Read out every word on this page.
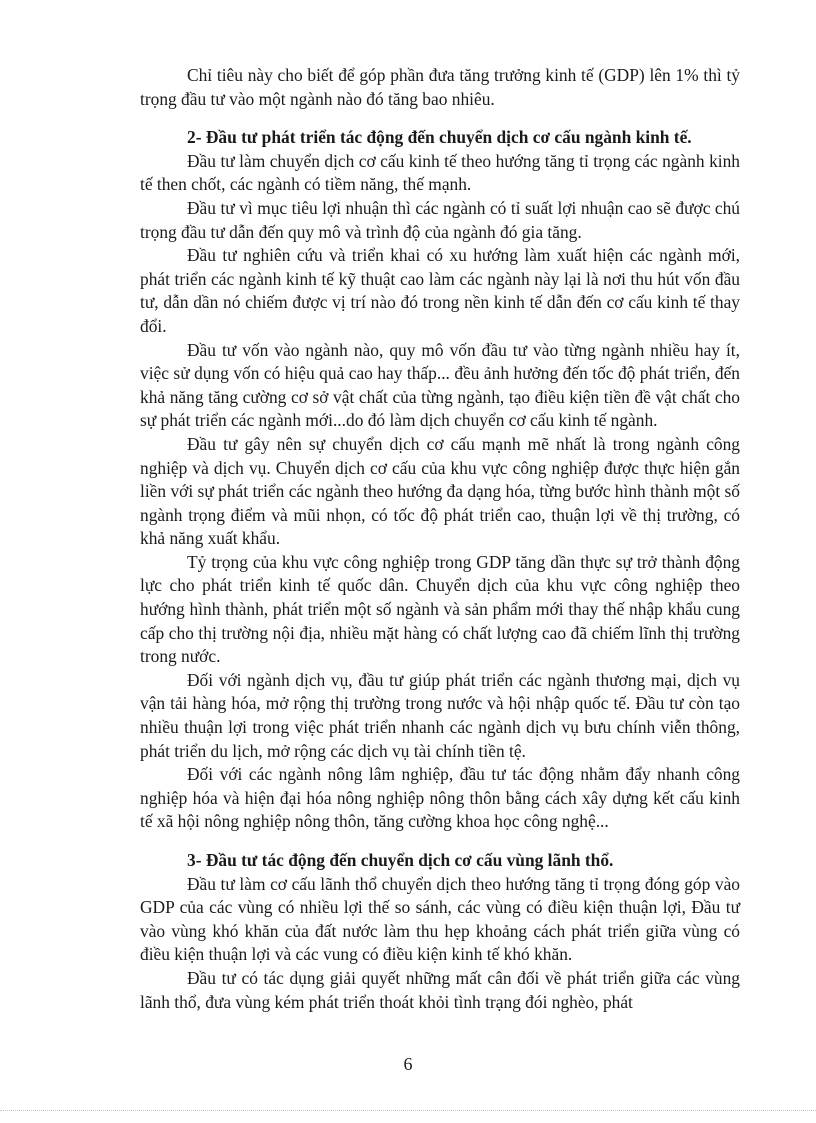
Chỉ tiêu này cho biết để góp phần đưa tăng trưởng kinh tế (GDP) lên 1% thì tỷ trọng đầu tư vào một ngành nào đó tăng bao nhiêu.

2- Đầu tư phát triển tác động đến chuyển dịch cơ cấu ngành kinh tế.

Đầu tư làm chuyển dịch cơ cấu kinh tế theo hướng tăng tỉ trọng các ngành kinh tế then chốt, các ngành có tiềm năng, thế mạnh.

Đầu tư vì mục tiêu lợi nhuận thì các ngành có tỉ suất lợi nhuận cao sẽ được chú trọng đầu tư dẫn đến quy mô và trình độ của ngành đó gia tăng.

Đầu tư nghiên cứu và triển khai có xu hướng làm xuất hiện các ngành mới, phát triển các ngành kinh tế kỹ thuật cao làm các ngành này lại là nơi thu hút vốn đầu tư, dẫn dần nó chiếm được vị trí nào đó trong nền kinh tế dẫn đến cơ cấu kinh tế thay đổi.

Đầu tư vốn vào ngành nào, quy mô vốn đầu tư vào từng ngành nhiều hay ít, việc sử dụng vốn có hiệu quả cao hay thấp... đều ảnh hưởng đến tốc độ phát triển, đến khả năng tăng cường cơ sở vật chất của từng ngành, tạo điều kiện tiền đề vật chất cho sự phát triển các ngành mới...do đó làm dịch chuyển cơ cấu kinh tế ngành.

Đầu tư gây nên sự chuyển dịch cơ cấu mạnh mẽ nhất là trong ngành công nghiệp và dịch vụ. Chuyển dịch cơ cấu của khu vực công nghiệp được thực hiện gắn liền với sự phát triển các ngành theo hướng đa dạng hóa, từng bước hình thành một số ngành trọng điểm và mũi nhọn, có tốc độ phát triển cao, thuận lợi về thị trường, có khả năng xuất khẩu.

Tỷ trọng của khu vực công nghiệp trong GDP tăng dần thực sự trở thành động lực cho phát triển kinh tế quốc dân. Chuyển dịch của khu vực công nghiệp theo hướng hình thành, phát triển một số ngành và sản phẩm mới thay thế nhập khẩu cung cấp cho thị trường nội địa, nhiều mặt hàng có chất lượng cao đã chiếm lĩnh thị trường trong nước.

Đối với ngành dịch vụ, đầu tư giúp phát triển các ngành thương mại, dịch vụ vận tải hàng hóa, mở rộng thị trường trong nước và hội nhập quốc tế. Đầu tư còn tạo nhiều thuận lợi trong việc phát triển nhanh các ngành dịch vụ bưu chính viễn thông, phát triển du lịch, mở rộng các dịch vụ tài chính tiền tệ.

Đối với các ngành nông lâm nghiệp, đầu tư tác động nhằm đẩy nhanh công nghiệp hóa và hiện đại hóa nông nghiệp nông thôn bằng cách xây dựng kết cấu kinh tế xã hội nông nghiệp nông thôn, tăng cường khoa học công nghệ...

3- Đầu tư tác động đến chuyển dịch cơ cấu vùng lãnh thổ.

Đầu tư làm cơ cấu lãnh thổ chuyển dịch theo hướng tăng tỉ trọng đóng góp vào GDP của các vùng có nhiều lợi thế so sánh, các vùng có điều kiện thuận lợi, Đầu tư vào vùng khó khăn của đất nước làm thu hẹp khoảng cách phát triển giữa vùng có điều kiện thuận lợi và các vung có điều kiện kinh tế khó khăn.

Đầu tư có tác dụng giải quyết những mất cân đối về phát triển giữa các vùng lãnh thổ, đưa vùng kém phát triển thoát khỏi tình trạng đói nghèo, phát

6
